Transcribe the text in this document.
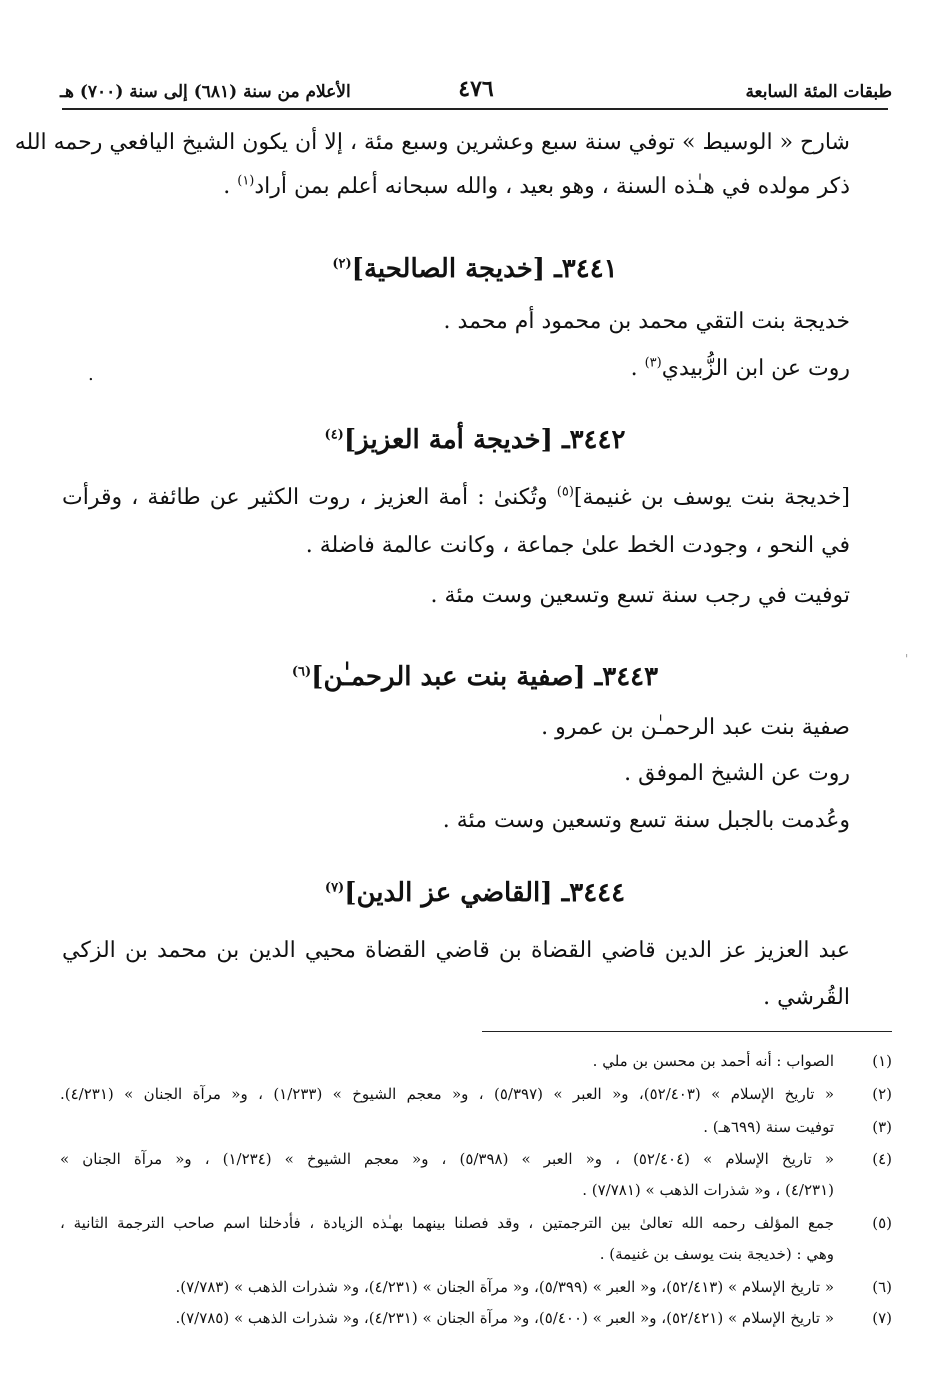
طبقات المئة السابعة
٤٧٦
الأعلام من سنة (٦٨١) إلى سنة (٧٠٠) هـ
شارح « الوسيط » توفي سنة سبع وعشرين وسبع مئة ، إلا أن يكون الشيخ اليافعي رحمه الله
ذكر مولده في هـٰذه السنة ، وهو بعيد ، والله سبحانه أعلم بمن أراد$^{(١)}$ .
٣٤٤١ـ [خديجة الصالحية]$^{(٢)}$
خديجة بنت التقي محمد بن محمود أم محمد .
روت عن ابن الزُّبيدي$^{(٣)}$ .
.
٣٤٤٢ـ [خديجة أمة العزيز]$^{(٤)}$
[خديجة بنت يوسف بن غنيمة]$^{(٥)}$ وتُكنىٰ : أمة العزيز ، روت الكثير عن طائفة ، وقرأت
في النحو ، وجودت الخط علىٰ جماعة ، وكانت عالمة فاضلة .
توفيت في رجب سنة تسع وتسعين وست مئة .
'
٣٤٤٣ـ [صفية بنت عبد الرحمـٰن]$^{(٦)}$
صفية بنت عبد الرحمـٰن بن عمرو .
روت عن الشيخ الموفق .
وعُدمت بالجبل سنة تسع وتسعين وست مئة .
٣٤٤٤ـ [القاضي عز الدين]$^{(٧)}$
عبد العزيز عز الدين قاضي القضاة بن قاضي القضاة محيي الدين بن محمد بن الزكي
القُرشي .
(١)
الصواب : أنه أحمد بن محسن بن ملي .
(٢)
« تاريخ الإسلام » (٥٢/٤٠٣)، و« العبر » (٥/٣٩٧) ، و« معجم الشيوخ » (١/٢٣٣) ، و« مرآة الجنان » (٤/٢٣١).
(٣)
توفيت سنة (٦٩٩هـ) .
(٤)
« تاريخ الإسلام » (٥٢/٤٠٤) ، و« العبر » (٥/٣٩٨) ، و« معجم الشيوخ » (١/٢٣٤) ، و« مرآة الجنان »
(٤/٢٣١) ، و« شذرات الذهب » (٧/٧٨١) .
(٥)
جمع المؤلف رحمه الله تعالىٰ بين الترجمتين ، وقد فصلنا بينهما بهـٰذه الزيادة ، فأدخلنا اسم صاحب الترجمة الثانية ،
وهي : (خديجة بنت يوسف بن غنيمة) .
(٦)
« تاريخ الإسلام » (٥٢/٤١٣)، و« العبر » (٥/٣٩٩)، و« مرآة الجنان » (٤/٢٣١)، و« شذرات الذهب » (٧/٧٨٣).
(٧)
« تاريخ الإسلام » (٥٢/٤٢١)، و« العبر » (٥/٤٠٠)، و« مرآة الجنان » (٤/٢٣١)، و« شذرات الذهب » (٧/٧٨٥).
